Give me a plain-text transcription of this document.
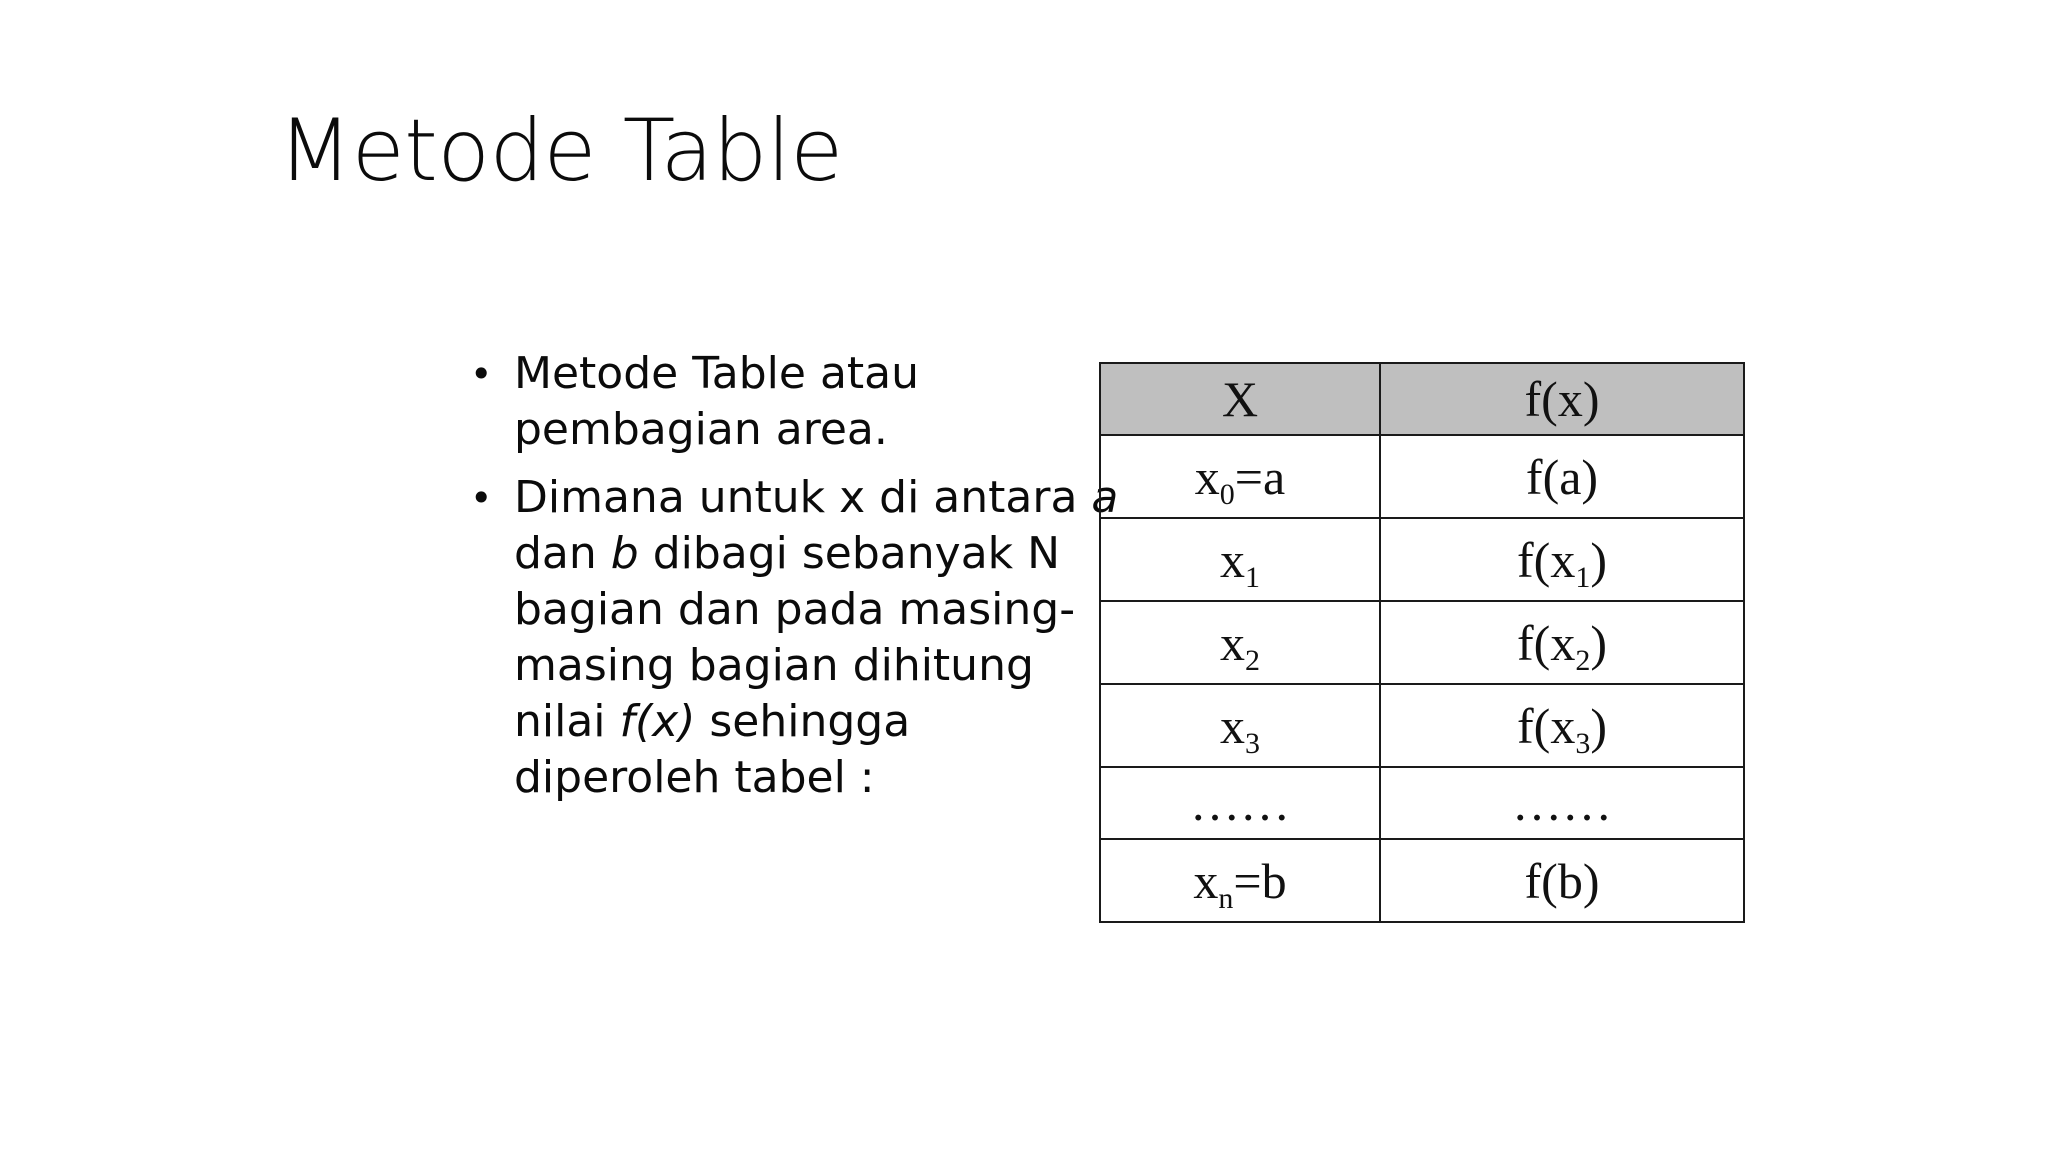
Metode Table
• Metode Table atau
pembagian area.
• Dimana untuk x di antara a
dan b dibagi sebanyak N
bagian dan pada masing-
masing bagian dihitung
nilai f(x) sehingga
diperoleh tabel :
X	f(x)
$x_0=a$	f(a)
$x_1$	$f(x_1)$
$x_2$	$f(x_2)$
$x_3$	$f(x_3)$
……	……
$x_n=b$	f(b)
